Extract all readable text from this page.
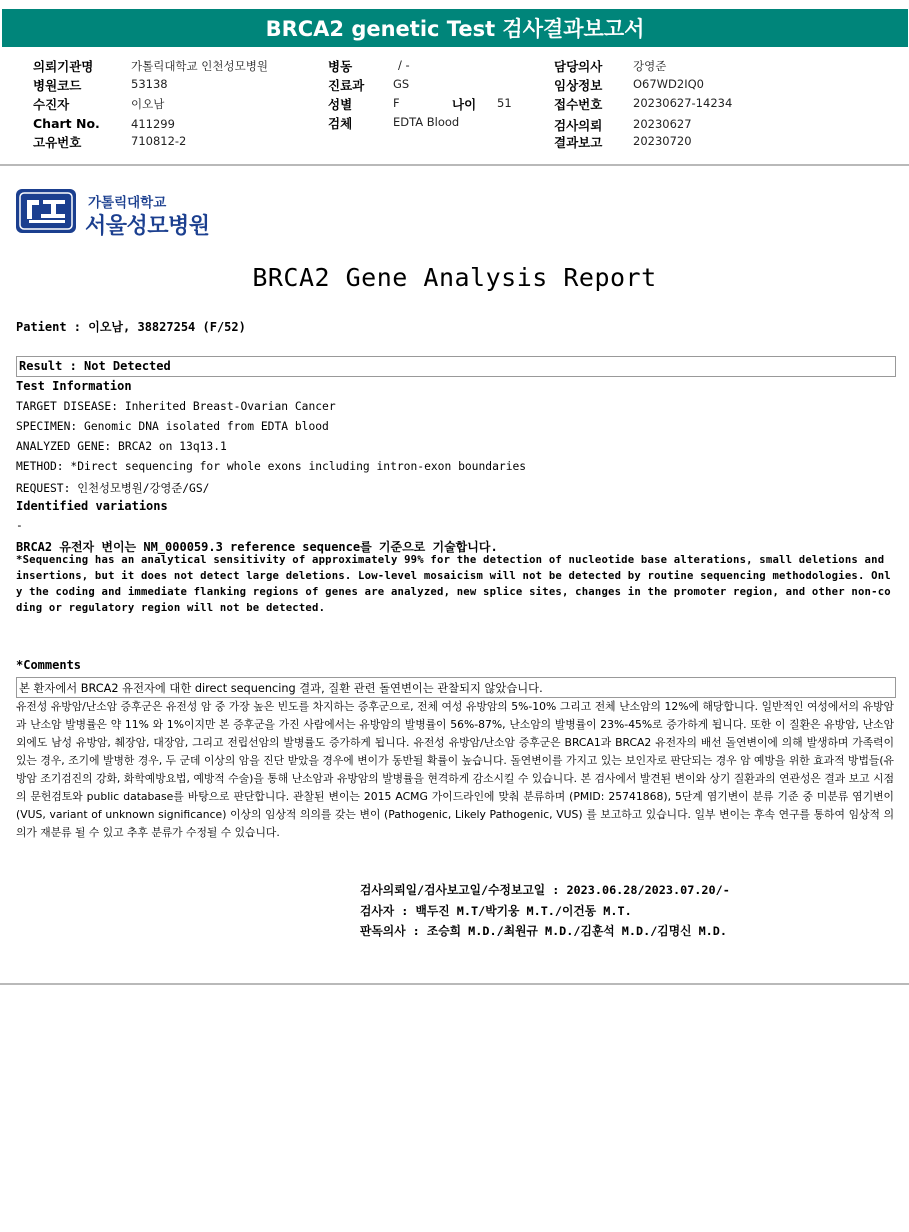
BRCA2 genetic Test 검사결과보고서
의뢰기관명	가톨릭대학교 인천성모병원
병원코드	53138
수진자	이오남
Chart No.	411299
고유번호	710812-2
병동	/ -
진료과	GS
성별	F	나이 51
검체	EDTA Blood
담당의사	강영준
임상정보	O67WD2IQ0
접수번호	20230627-14234
검사의뢰	20230627
결과보고	20230720
가톨릭대학교
서울성모병원
BRCA2 Gene Analysis Report
Patient : 이오남, 38827254 (F/52)
Result : Not Detected
Test Information
TARGET DISEASE: Inherited Breast-Ovarian Cancer
SPECIMEN: Genomic DNA isolated from EDTA blood
ANALYZED GENE: BRCA2 on 13q13.1
METHOD: *Direct sequencing for whole exons including intron-exon boundaries
REQUEST: 인천성모병원/강영준/GS/
Identified variations
-
BRCA2 유전자 변이는 NM_000059.3 reference sequence를 기준으로 기술합니다.
*Sequencing has an analytical sensitivity of approximately 99% for the detection of nucleotide base alterations, small deletions and insertions, but it does not detect large deletions. Low-level mosaicism will not be detected by routine sequencing methodologies. Only the coding and immediate flanking regions of genes are analyzed, new splice sites, changes in the promoter region, and other non-coding or regulatory region will not be detected.
*Comments
본 환자에서 BRCA2 유전자에 대한 direct sequencing 결과, 질환 관련 돌연변이는 관찰되지 않았습니다.
유전성 유방암/난소암 증후군은 유전성 암 중 가장 높은 빈도를 차지하는 증후군으로, 전체 여성 유방암의 5%-10% 그리고 전체 난소암의 12%에 해당합니다. 일반적인 여성에서의 유방암과 난소암 발병률은 약 11% 와 1%이지만 본 증후군을 가진 사람에서는 유방암의 발병률이 56%-87%, 난소암의 발병률이 23%-45%로 증가하게 됩니다. 또한 이 질환은 유방암, 난소암 외에도 남성 유방암, 췌장암, 대장암, 그리고 전립선암의 발병률도 증가하게 됩니다. 유전성 유방암/난소암 증후군은 BRCA1과 BRCA2 유전자의 배선 돌연변이에 의해 발생하며 가족력이 있는 경우, 조기에 발병한 경우, 두 군데 이상의 암을 진단 받았을 경우에 변이가 동반될 확률이 높습니다. 돌연변이를 가지고 있는 보인자로 판단되는 경우 암 예방을 위한 효과적 방법들(유방암 조기검진의 강화, 화학예방요법, 예방적 수술)을 통해 난소암과 유방암의 발병률을 현격하게 감소시킬 수 있습니다. 본 검사에서 발견된 변이와 상기 질환과의 연관성은 결과 보고 시점의 문헌검토와 public database를 바탕으로 판단합니다. 관찰된 변이는 2015 ACMG 가이드라인에 맞춰 분류하며 (PMID: 25741868), 5단계 염기변이 분류 기준 중 미분류 염기변이 (VUS, variant of unknown significance) 이상의 임상적 의의를 갖는 변이 (Pathogenic, Likely Pathogenic, VUS) 를 보고하고 있습니다. 일부 변이는 후속 연구를 통하여 임상적 의의가 재분류 될 수 있고 추후 분류가 수정될 수 있습니다.
검사의뢰일/검사보고일/수정보고일 : 2023.06.28/2023.07.20/-
검사자 : 백두진 M.T/박기웅 M.T./이건동 M.T.
판독의사 : 조승희 M.D./최원규 M.D./김훈석 M.D./김명신 M.D.
